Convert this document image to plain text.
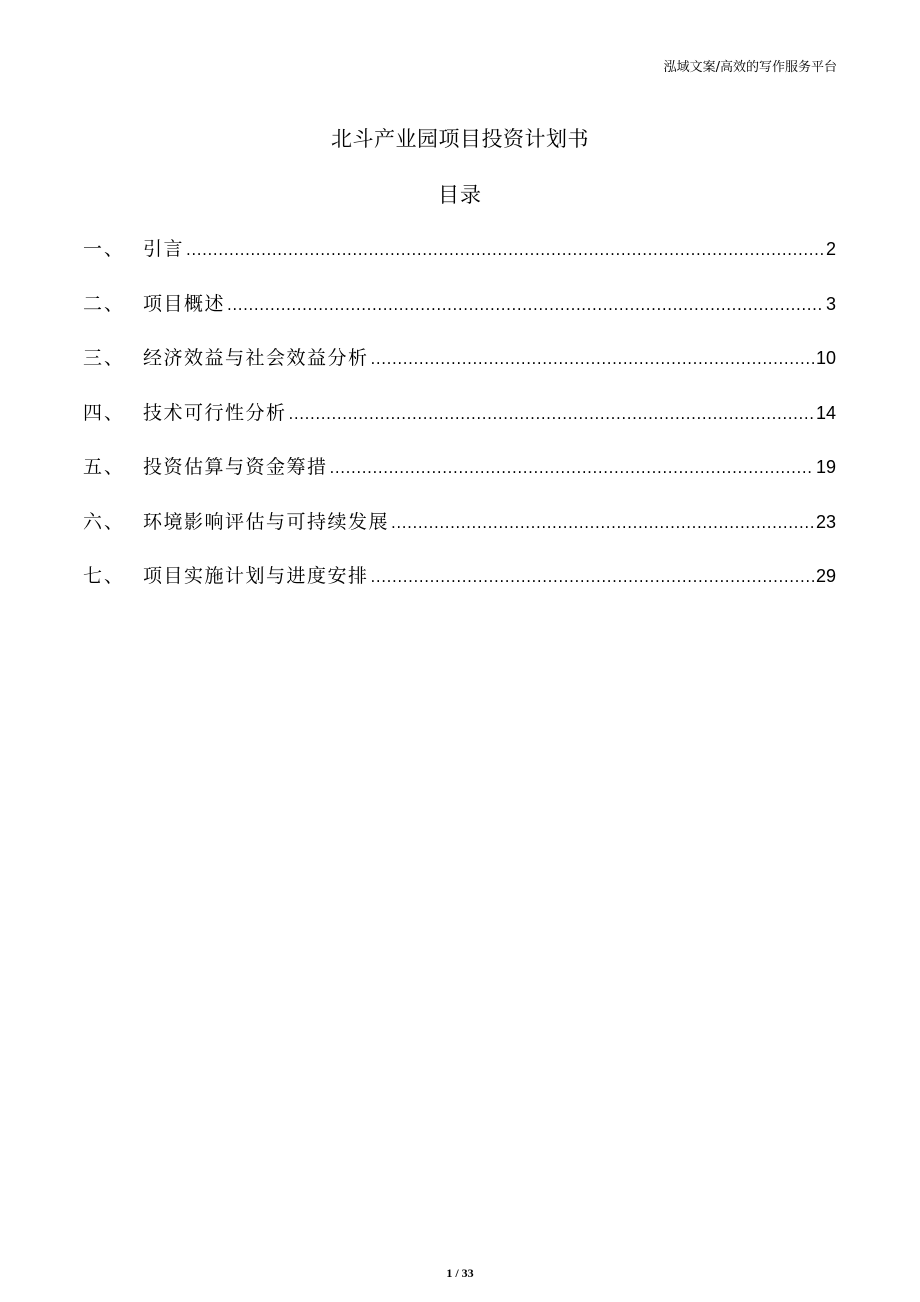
泓域文案/高效的写作服务平台
北斗产业园项目投资计划书
目录
一、 引言 .....	2
二、 项目概述 .....	3
三、 经济效益与社会效益分析 .....	10
四、 技术可行性分析 .....	14
五、 投资估算与资金筹措 .....	19
六、 环境影响评估与可持续发展 .....	23
七、 项目实施计划与进度安排 .....	29
1 / 33
